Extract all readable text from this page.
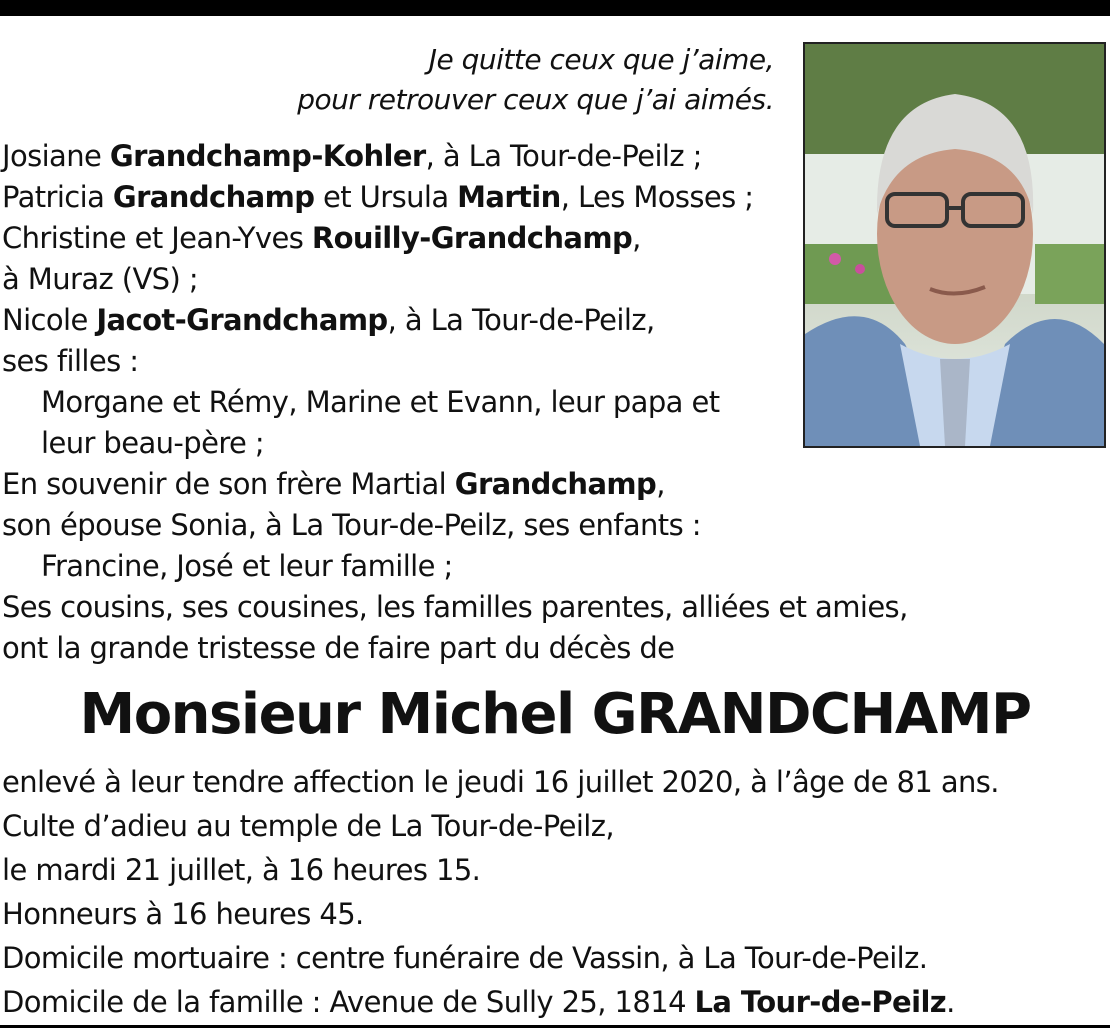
Je quitte ceux que j’aime,
pour retrouver ceux que j’ai aimés.
Josiane Grandchamp-Kohler, à La Tour-de-Peilz ;
Patricia Grandchamp et Ursula Martin, Les Mosses ;
Christine et Jean-Yves Rouilly-Grandchamp,
à Muraz (VS) ;
Nicole Jacot-Grandchamp, à La Tour-de-Peilz,
ses filles :
Morgane et Rémy, Marine et Evann, leur papa et
leur beau-père ;
En souvenir de son frère Martial Grandchamp,
son épouse Sonia, à La Tour-de-Peilz, ses enfants :
Francine, José et leur famille ;
Ses cousins, ses cousines, les familles parentes, alliées et amies,
ont la grande tristesse de faire part du décès de
Monsieur Michel GRANDCHAMP
enlevé à leur tendre affection le jeudi 16 juillet 2020, à l’âge de 81 ans.
Culte d’adieu au temple de La Tour-de-Peilz,
le mardi 21 juillet, à 16 heures 15.
Honneurs à 16 heures 45.
Domicile mortuaire : centre funéraire de Vassin, à La Tour-de-Peilz.
Domicile de la famille : Avenue de Sully 25, 1814 La Tour-de-Peilz.
